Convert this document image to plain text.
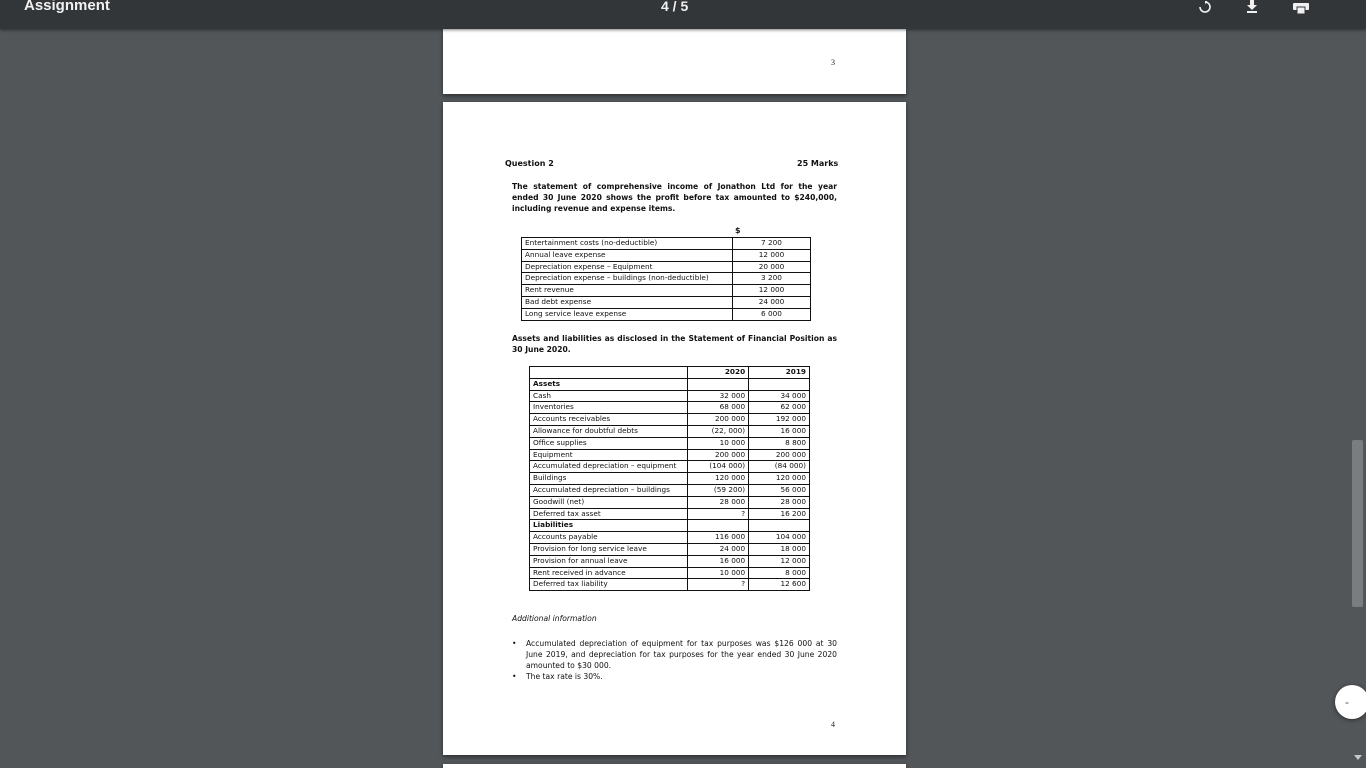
Assignment	4 / 5
3
Question 2	25 Marks
The statement of comprehensive income of Jonathon Ltd for the year ended 30 June 2020 shows the profit before tax amounted to $240,000, including revenue and expense items.
$
Entertainment costs (no-deductible)	7 200
Annual leave expense	12 000
Depreciation expense – Equipment	20 000
Depreciation expense – buildings (non-deductible)	3 200
Rent revenue	12 000
Bad debt expense	24 000
Long service leave expense	6 000
Assets and liabilities as disclosed in the Statement of Financial Position as 30 June 2020.
	2020	2019
Assets		
Cash	32 000	34 000
Inventories	68 000	62 000
Accounts receivables	200 000	192 000
Allowance for doubtful debts	(22, 000)	16 000
Office supplies	10 000	8 800
Equipment	200 000	200 000
Accumulated depreciation – equipment	(104 000)	(84 000)
Buildings	120 000	120 000
Accumulated depreciation – buildings	(59 200)	56 000
Goodwill (net)	28 000	28 000
Deferred tax asset	?	16 200
Liabilities		
Accounts payable	116 000	104 000
Provision for long service leave	24 000	18 000
Provision for annual leave	16 000	12 000
Rent received in advance	10 000	8 000
Deferred tax liability	?	12 600
Additional information
• Accumulated depreciation of equipment for tax purposes was $126 000 at 30 June 2019, and depreciation for tax purposes for the year ended 30 June 2020 amounted to $30 000.
• The tax rate is 30%.
4
-
